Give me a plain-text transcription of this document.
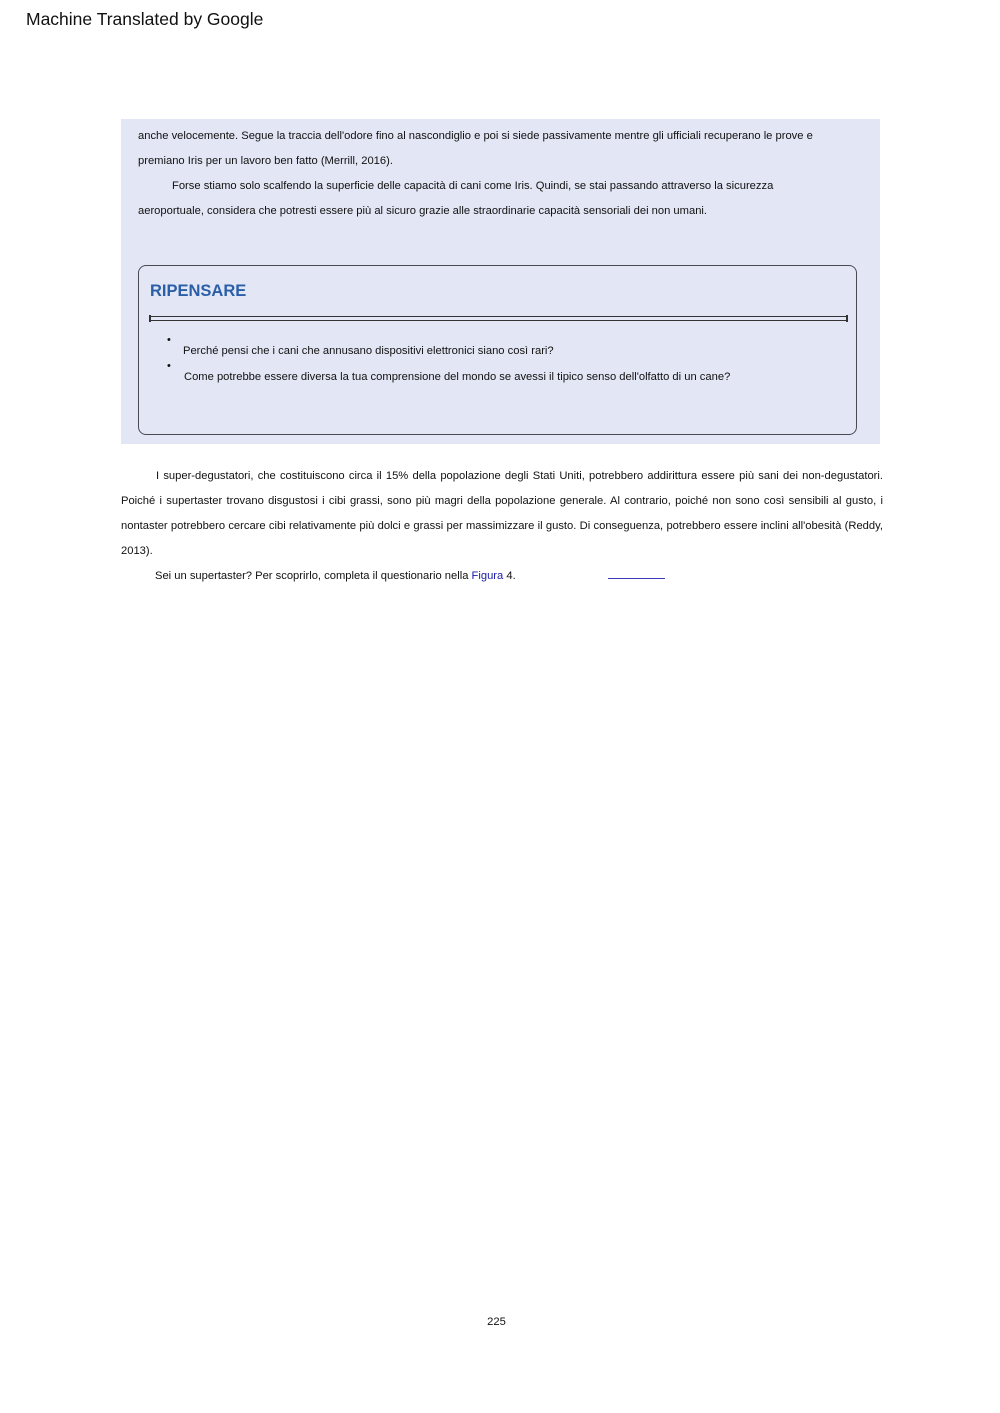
Machine Translated by Google
anche velocemente. Segue la traccia dell'odore fino al nascondiglio e poi si siede passivamente mentre gli ufficiali recuperano le prove e premiano Iris per un lavoro ben fatto (Merrill, 2016).
Forse stiamo solo scalfendo la superficie delle capacità di cani come Iris. Quindi, se stai passando attraverso la sicurezza aeroportuale, considera che potresti essere più al sicuro grazie alle straordinarie capacità sensoriali dei non umani.
RIPENSARE
•
Perché pensi che i cani che annusano dispositivi elettronici siano così rari?
•
Come potrebbe essere diversa la tua comprensione del mondo se avessi il tipico senso dell'olfatto di un cane?
I super-degustatori, che costituiscono circa il 15% della popolazione degli Stati Uniti, potrebbero addirittura essere più sani dei non-degustatori. Poiché i supertaster trovano disgustosi i cibi grassi, sono più magri della popolazione generale. Al contrario, poiché non sono così sensibili al gusto, i nontaster potrebbero cercare cibi relativamente più dolci e grassi per massimizzare il gusto. Di conseguenza, potrebbero essere inclini all'obesità (Reddy, 2013).
Sei un supertaster? Per scoprirlo, completa il questionario nella Figura 4.
225
